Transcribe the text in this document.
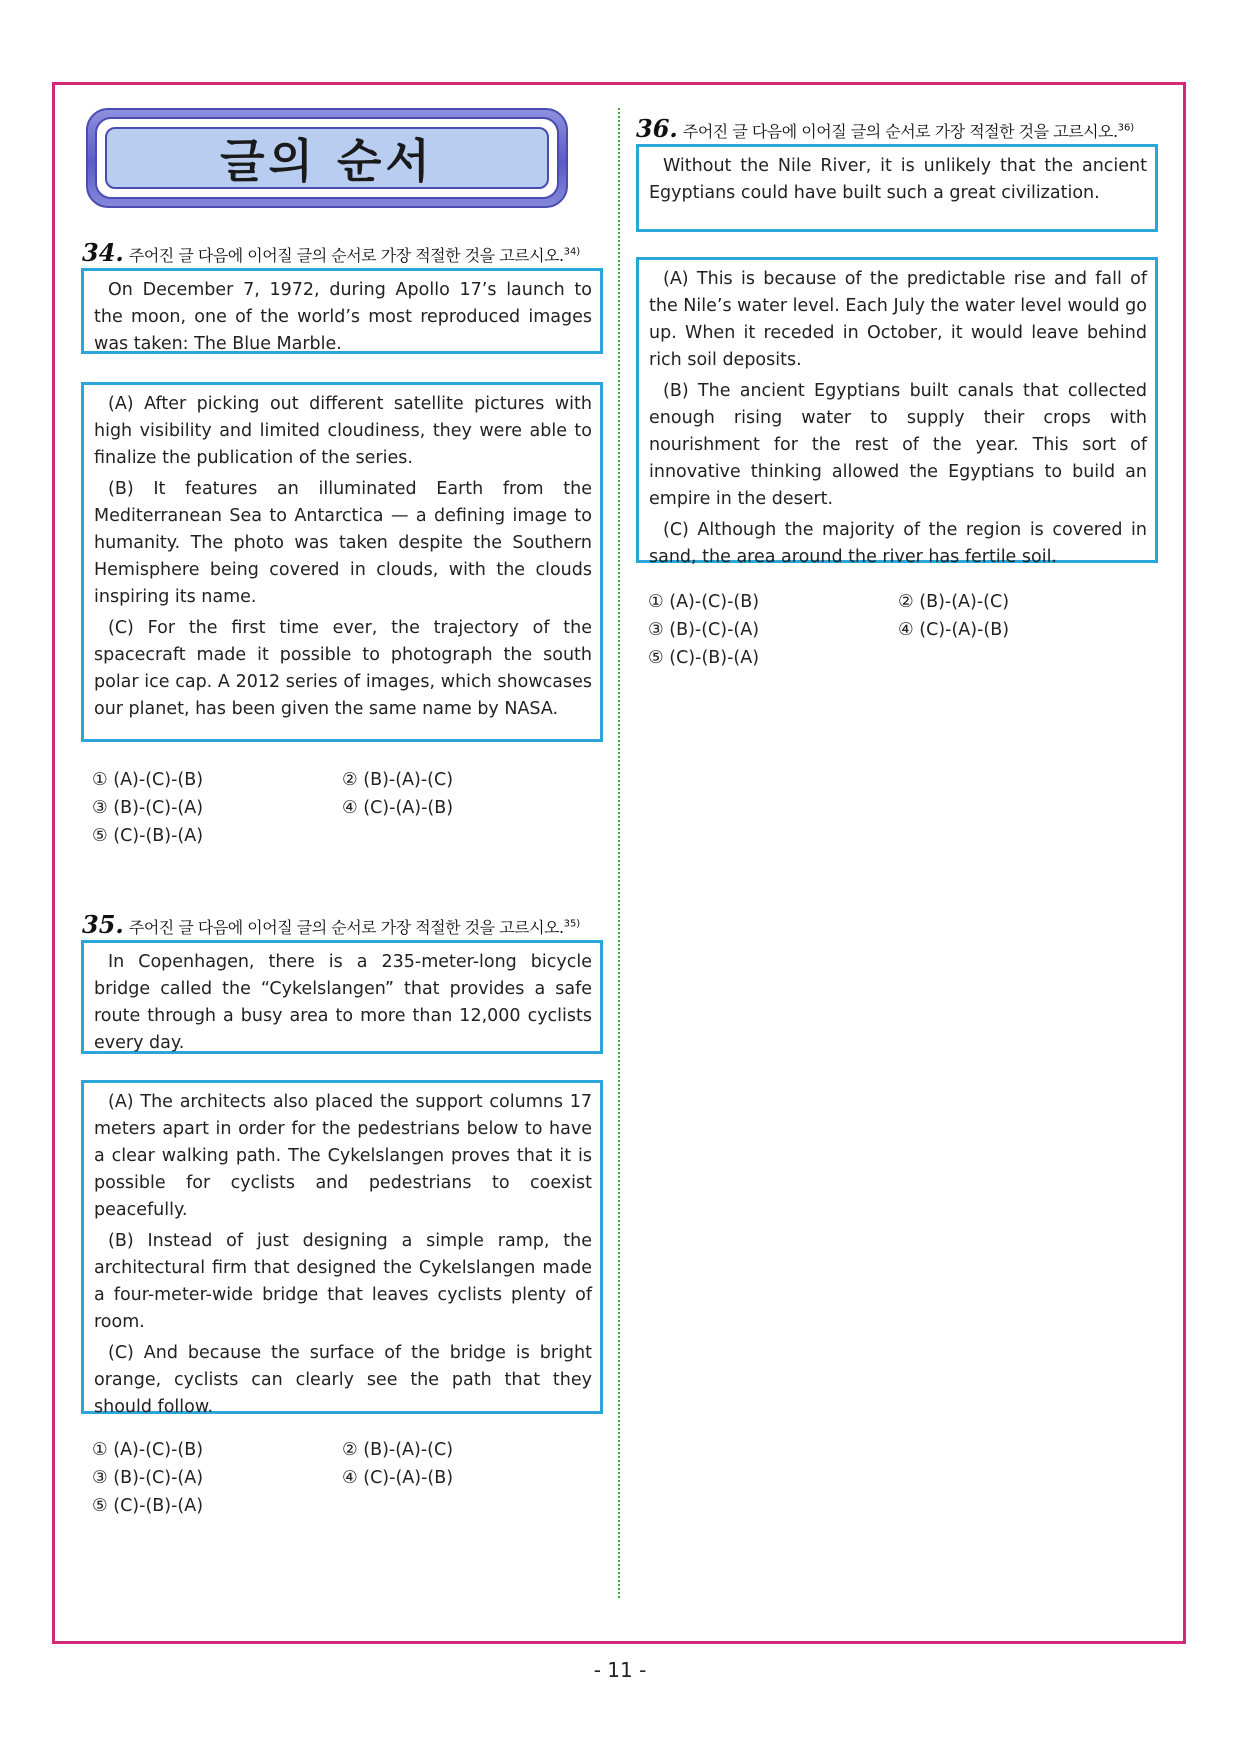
글의 순서
34. 주어진 글 다음에 이어질 글의 순서로 가장 적절한 것을 고르시오.$^{34)}$

On December 7, 1972, during Apollo 17’s launch to the moon, one of the world’s most reproduced images was taken: The Blue Marble.

(A) After picking out different satellite pictures with high visibility and limited cloudiness, they were able to finalize the publication of the series.

(B) It features an illuminated Earth from the Mediterranean Sea to Antarctica — a defining image to humanity. The photo was taken despite the Southern Hemisphere being covered in clouds, with the clouds inspiring its name.

(C) For the first time ever, the trajectory of the spacecraft made it possible to photograph the south polar ice cap. A 2012 series of images, which showcases our planet, has been given the same name by NASA.

① (A)-(C)-(B)	② (B)-(A)-(C)
③ (B)-(C)-(A)	④ (C)-(A)-(B)
⑤ (C)-(B)-(A)
35. 주어진 글 다음에 이어질 글의 순서로 가장 적절한 것을 고르시오.$^{35)}$

In Copenhagen, there is a 235-meter-long bicycle bridge called the “Cykelslangen” that provides a safe route through a busy area to more than 12,000 cyclists every day.

(A) The architects also placed the support columns 17 meters apart in order for the pedestrians below to have a clear walking path. The Cykelslangen proves that it is possible for cyclists and pedestrians to coexist peacefully.

(B) Instead of just designing a simple ramp, the architectural firm that designed the Cykelslangen made a four-meter-wide bridge that leaves cyclists plenty of room.

(C) And because the surface of the bridge is bright orange, cyclists can clearly see the path that they should follow.

① (A)-(C)-(B)	② (B)-(A)-(C)
③ (B)-(C)-(A)	④ (C)-(A)-(B)
⑤ (C)-(B)-(A)
36. 주어진 글 다음에 이어질 글의 순서로 가장 적절한 것을 고르시오.$^{36)}$

Without the Nile River, it is unlikely that the ancient Egyptians could have built such a great civilization.

(A) This is because of the predictable rise and fall of the Nile’s water level. Each July the water level would go up. When it receded in October, it would leave behind rich soil deposits.

(B) The ancient Egyptians built canals that collected enough rising water to supply their crops with nourishment for the rest of the year. This sort of innovative thinking allowed the Egyptians to build an empire in the desert.

(C) Although the majority of the region is covered in sand, the area around the river has fertile soil.

① (A)-(C)-(B)	② (B)-(A)-(C)
③ (B)-(C)-(A)	④ (C)-(A)-(B)
⑤ (C)-(B)-(A)
- 11 -
